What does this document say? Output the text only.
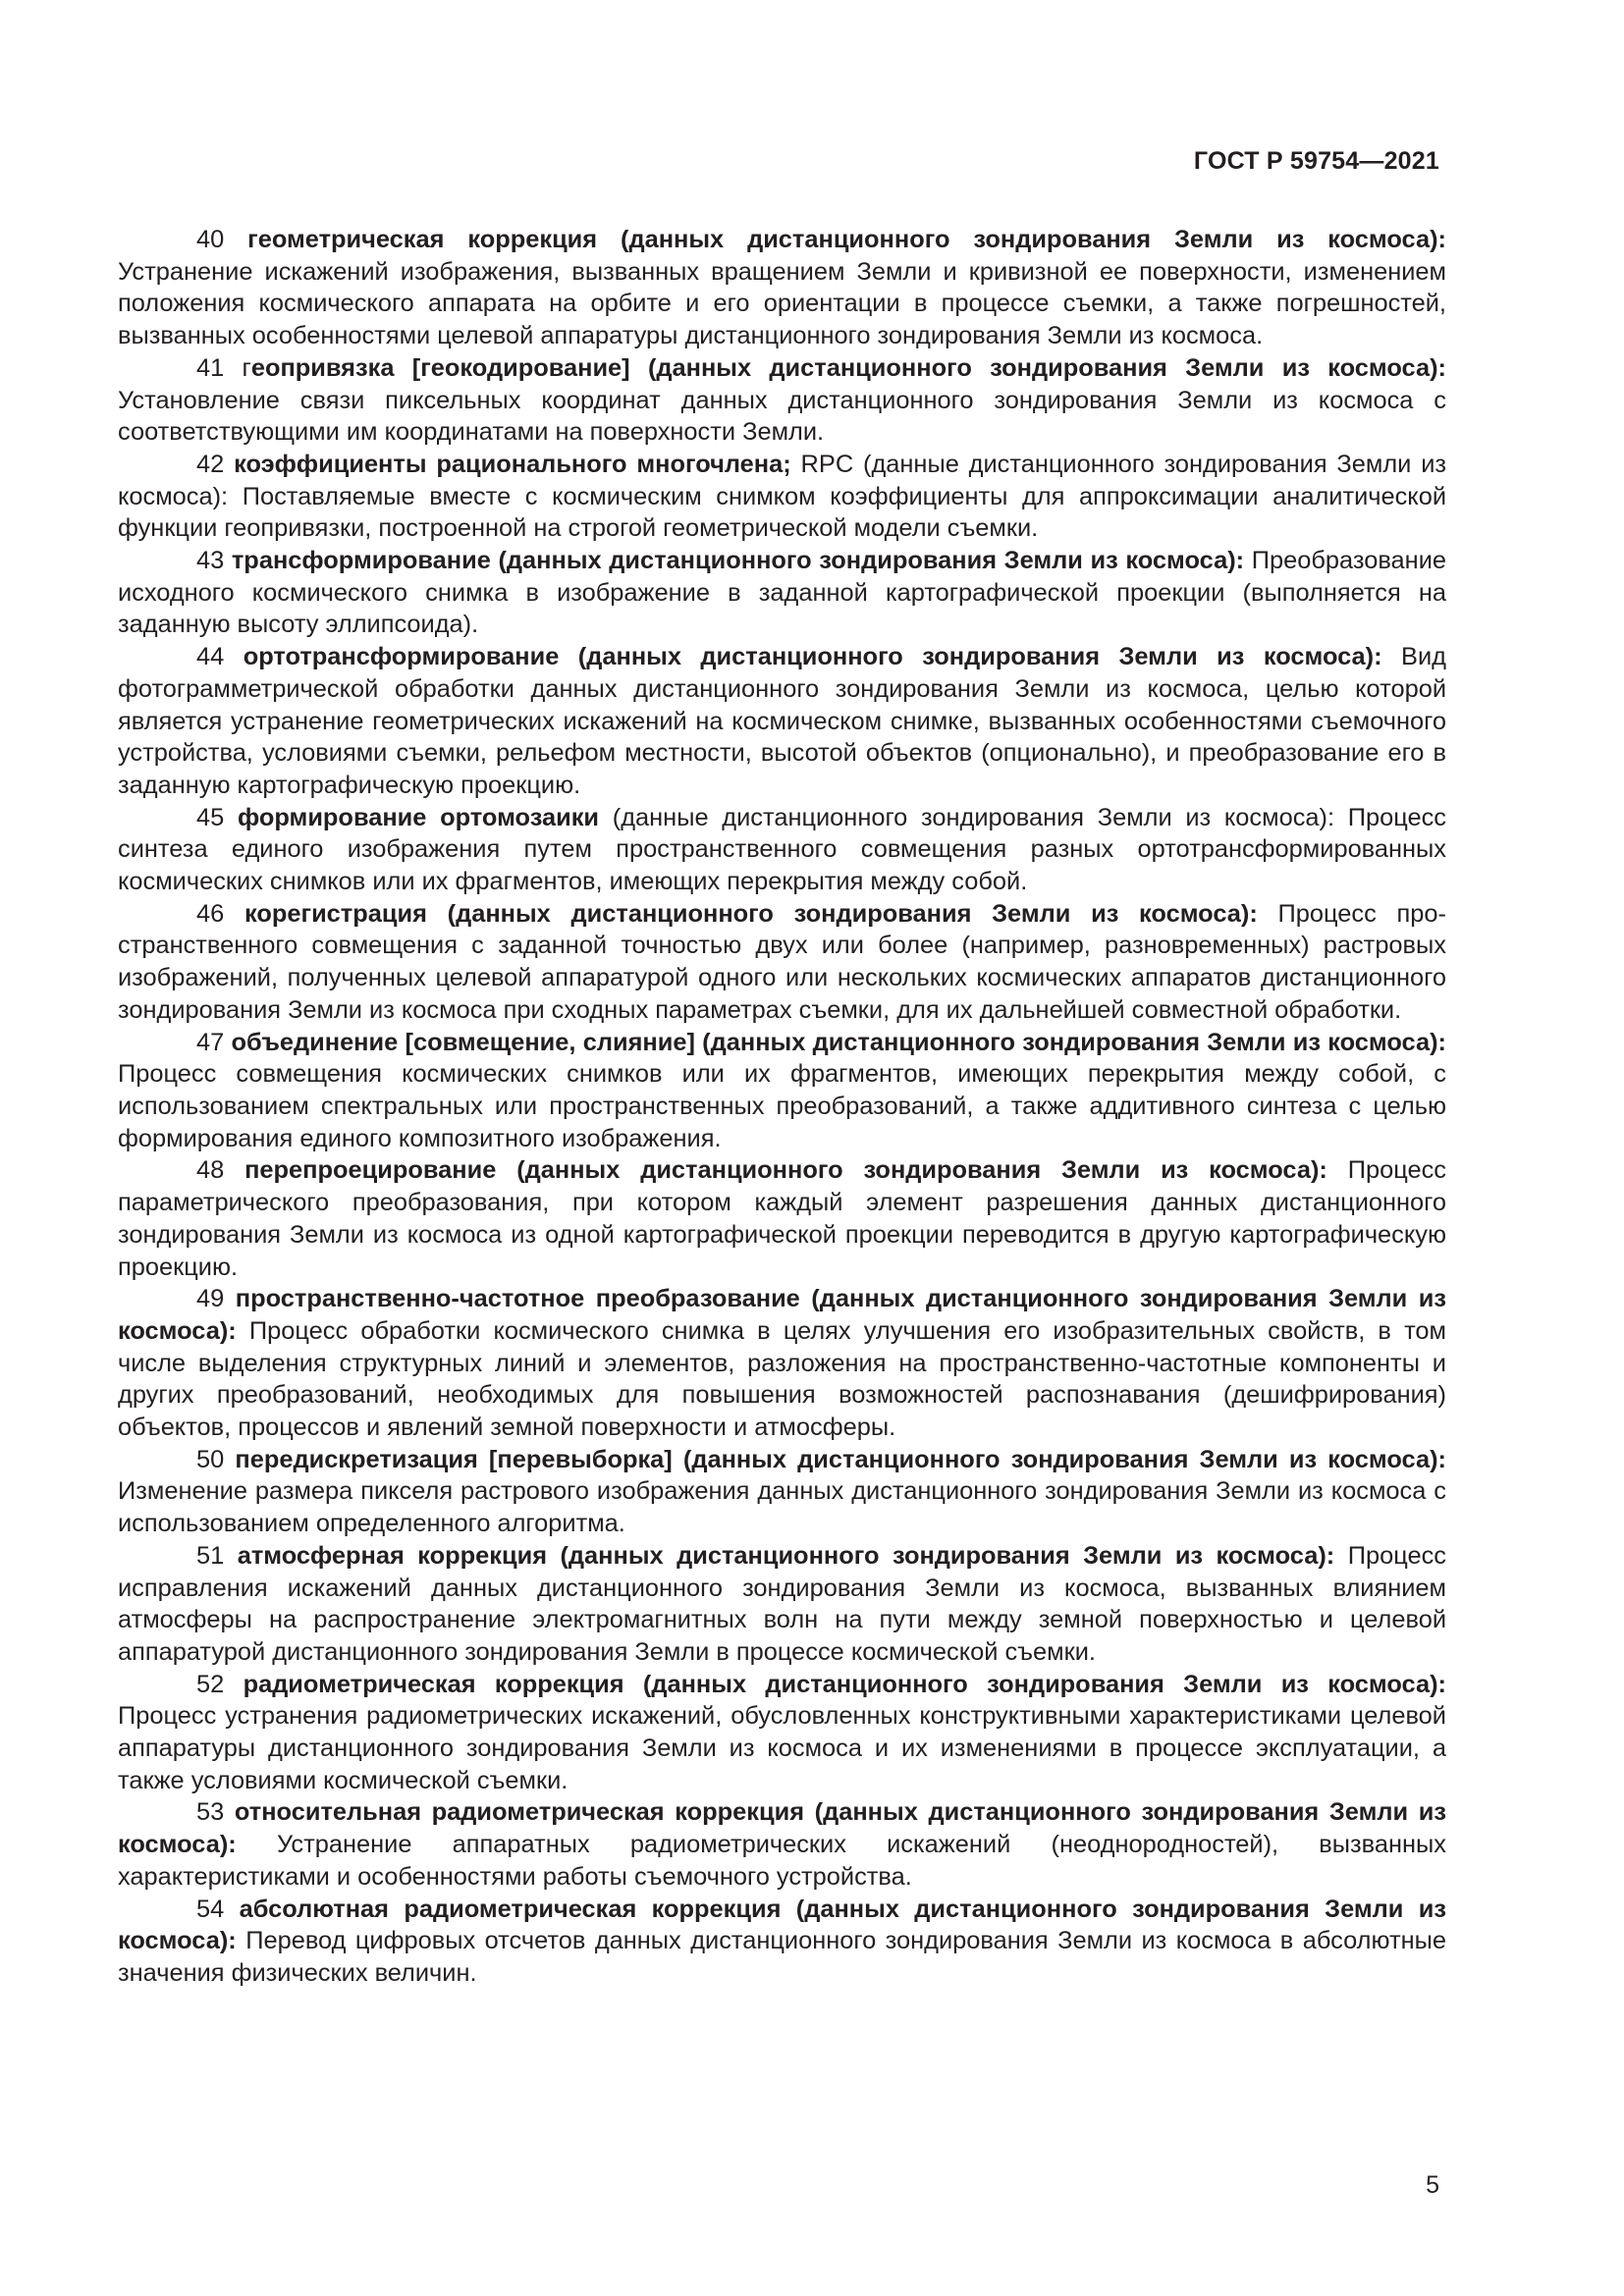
ГОСТ Р 59754—2021

40 геометрическая коррекция (данных дистанционного зондирования Земли из космоса): Устранение искажений изображения, вызванных вращением Земли и кривизной ее поверхности, изменением положения космического аппарата на орбите и его ориентации в процессе съемки, а также погрешностей, вызванных особенностями целевой аппаратуры дистанционного зондирования Земли из космоса.

41 геопривязка [геокодирование] (данных дистанционного зондирования Земли из космоса): Установление связи пиксельных координат данных дистанционного зондирования Земли из космоса с соответствующими им координатами на поверхности Земли.

42 коэффициенты рационального многочлена; RPC (данные дистанционного зондирования Земли из космоса): Поставляемые вместе с космическим снимком коэффициенты для аппроксимации аналитической функции геопривязки, построенной на строгой геометрической модели съемки.

43 трансформирование (данных дистанционного зондирования Земли из космоса): Преобразование исходного космического снимка в изображение в заданной картографической проекции (выполняется на заданную высоту эллипсоида).

44 ортотрансформирование (данных дистанционного зондирования Земли из космоса): Вид фотограмметрической обработки данных дистанционного зондирования Земли из космоса, целью которой является устранение геометрических искажений на космическом снимке, вызванных особенностями съемочного устройства, условиями съемки, рельефом местности, высотой объектов (опционально), и преобразование его в заданную картографическую проекцию.

45 формирование ортомозаики (данные дистанционного зондирования Земли из космоса): Процесс синтеза единого изображения путем пространственного совмещения разных ортотрансформированных космических снимков или их фрагментов, имеющих перекрытия между собой.

46 корегистрация (данных дистанционного зондирования Земли из космоса): Процесс пространственного совмещения с заданной точностью двух или более (например, разновременных) растровых изображений, полученных целевой аппаратурой одного или нескольких космических аппаратов дистанционного зондирования Земли из космоса при сходных параметрах съемки, для их дальнейшей совместной обработки.

47 объединение [совмещение, слияние] (данных дистанционного зондирования Земли из космоса): Процесс совмещения космических снимков или их фрагментов, имеющих перекрытия между собой, с использованием спектральных или пространственных преобразований, а также аддитивного синтеза с целью формирования единого композитного изображения.

48 перепроецирование (данных дистанционного зондирования Земли из космоса): Процесс параметрического преобразования, при котором каждый элемент разрешения данных дистанционного зондирования Земли из космоса из одной картографической проекции переводится в другую картографическую проекцию.

49 пространственно-частотное преобразование (данных дистанционного зондирования Земли из космоса): Процесс обработки космического снимка в целях улучшения его изобразительных свойств, в том числе выделения структурных линий и элементов, разложения на пространственно-частотные компоненты и других преобразований, необходимых для повышения возможностей распознавания (дешифрирования) объектов, процессов и явлений земной поверхности и атмосферы.

50 передискретизация [перевыборка] (данных дистанционного зондирования Земли из космоса): Изменение размера пикселя растрового изображения данных дистанционного зондирования Земли из космоса с использованием определенного алгоритма.

51 атмосферная коррекция (данных дистанционного зондирования Земли из космоса): Процесс исправления искажений данных дистанционного зондирования Земли из космоса, вызванных влиянием атмосферы на распространение электромагнитных волн на пути между земной поверхностью и целевой аппаратурой дистанционного зондирования Земли в процессе космической съемки.

52 радиометрическая коррекция (данных дистанционного зондирования Земли из космоса): Процесс устранения радиометрических искажений, обусловленных конструктивными характеристиками целевой аппаратуры дистанционного зондирования Земли из космоса и их изменениями в процессе эксплуатации, а также условиями космической съемки.

53 относительная радиометрическая коррекция (данных дистанционного зондирования Земли из космоса): Устранение аппаратных радиометрических искажений (неоднородностей), вызванных характеристиками и особенностями работы съемочного устройства.

54 абсолютная радиометрическая коррекция (данных дистанционного зондирования Земли из космоса): Перевод цифровых отсчетов данных дистанционного зондирования Земли из космоса в абсолютные значения физических величин.

5
